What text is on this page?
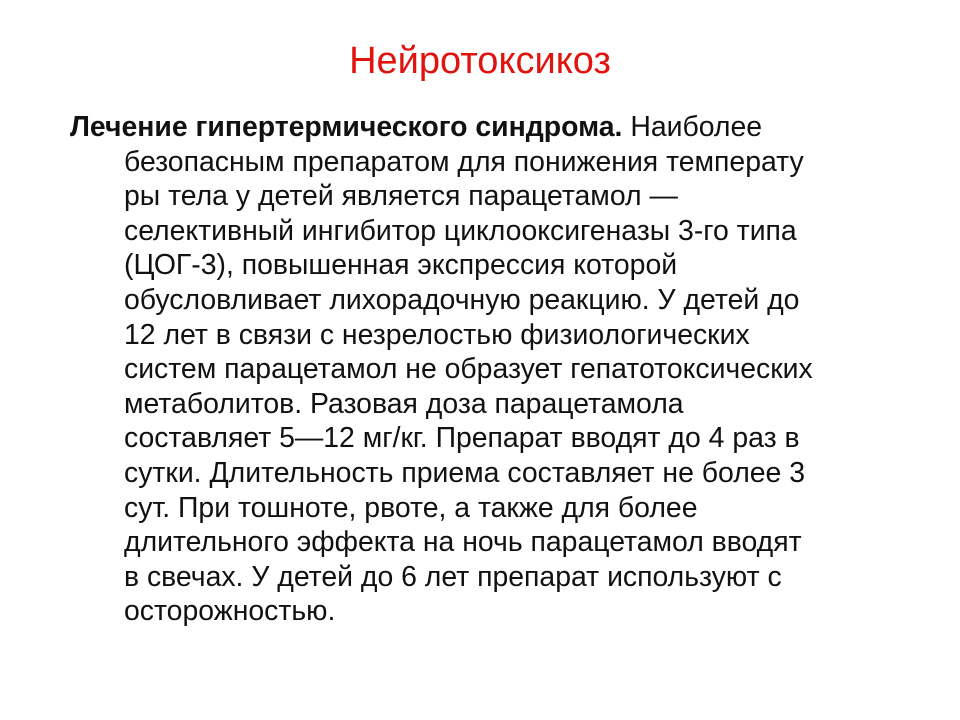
Нейротоксикоз
Лечение гипертермического синдрома. Наиболее
безопасным препаратом для понижения температу
ры тела у детей является парацетамол —
селективный ингибитор циклооксигеназы 3-го типа
(ЦОГ-3), повышенная экспрессия которой
обусловливает лихорадочную реакцию. У детей до
12 лет в связи с незрелостью физиологических
систем парацетамол не образует гепатотоксических
метаболитов. Разовая доза парацетамола
составляет 5—12 мг/кг. Препарат вводят до 4 раз в
сутки. Длительность приема составляет не более 3
сут. При тошноте, рвоте, а также для более
длительного эффекта на ночь парацетамол вводят
в свечах. У детей до 6 лет препарат используют с
осторожностью.
